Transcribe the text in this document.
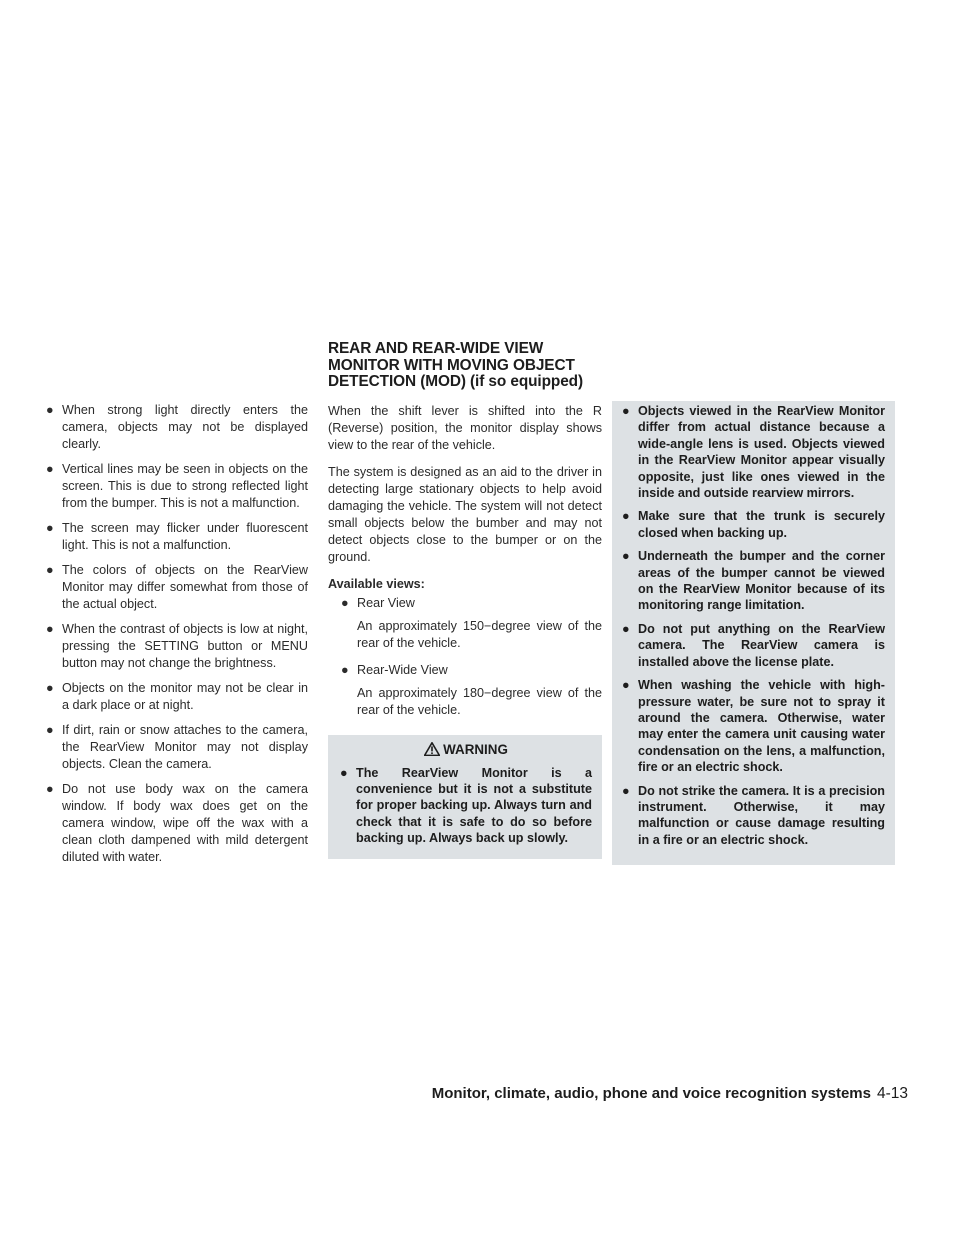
● When strong light directly enters the camera, objects may not be displayed clearly.
● Vertical lines may be seen in objects on the screen. This is due to strong reflected light from the bumper. This is not a malfunction.
● The screen may flicker under fluorescent light. This is not a malfunction.
● The colors of objects on the RearView Monitor may differ somewhat from those of the actual object.
● When the contrast of objects is low at night, pressing the SETTING button or MENU button may not change the brightness.
● Objects on the monitor may not be clear in a dark place or at night.
● If dirt, rain or snow attaches to the camera, the RearView Monitor may not display objects. Clean the camera.
● Do not use body wax on the camera window. If body wax does get on the camera window, wipe off the wax with a clean cloth dampened with mild detergent diluted with water.
REAR AND REAR-WIDE VIEW
MONITOR WITH MOVING OBJECT
DETECTION (MOD) (if so equipped)

When the shift lever is shifted into the R (Reverse) position, the monitor display shows view to the rear of the vehicle.

The system is designed as an aid to the driver in detecting large stationary objects to help avoid damaging the vehicle. The system will not detect small objects below the bumber and may not detect objects close to the bumper or on the ground.

Available views:
● Rear View
An approximately 150−degree view of the rear of the vehicle.
● Rear-Wide View
An approximately 180−degree view of the rear of the vehicle.
WARNING
● The RearView Monitor is a convenience but it is not a substitute for proper backing up. Always turn and check that it is safe to do so before backing up. Always back up slowly.
● Objects viewed in the RearView Monitor differ from actual distance because a wide-angle lens is used. Objects viewed in the RearView Monitor appear visually opposite, just like ones viewed in the inside and outside rearview mirrors.
● Make sure that the trunk is securely closed when backing up.
● Underneath the bumper and the corner areas of the bumper cannot be viewed on the RearView Monitor because of its monitoring range limitation.
● Do not put anything on the RearView camera. The RearView camera is installed above the license plate.
● When washing the vehicle with high-pressure water, be sure not to spray it around the camera. Otherwise, water may enter the camera unit causing water condensation on the lens, a malfunction, fire or an electric shock.
● Do not strike the camera. It is a precision instrument. Otherwise, it may malfunction or cause damage resulting in a fire or an electric shock.
Monitor, climate, audio, phone and voice recognition systems 4-13
